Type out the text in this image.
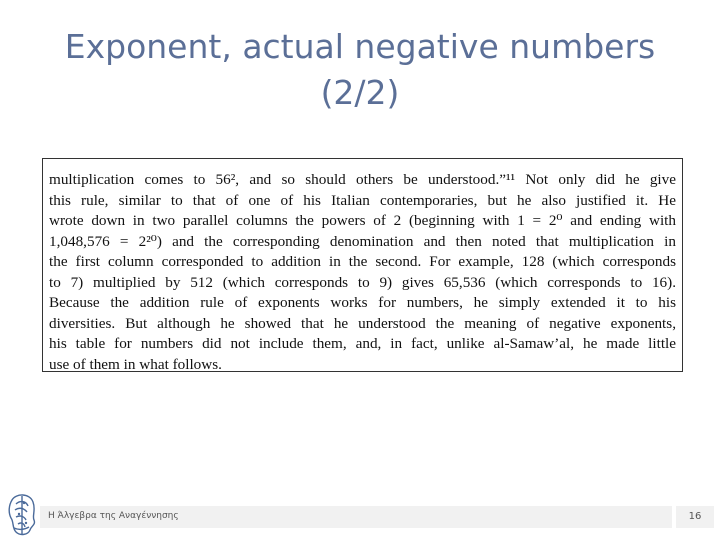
Exponent, actual negative numbers
(2/2)
multiplication comes to 56², and so should others be understood.”¹¹ Not only did he give
this rule, similar to that of one of his Italian contemporaries, but he also justified it. He
wrote down in two parallel columns the powers of 2 (beginning with 1 = 2⁰ and ending with
1,048,576 = 2²⁰) and the corresponding denomination and then noted that multiplication in
the first column corresponded to addition in the second. For example, 128 (which corresponds
to 7) multiplied by 512 (which corresponds to 9) gives 65,536 (which corresponds to 16).
Because the addition rule of exponents works for numbers, he simply extended it to his
diversities. But although he showed that he understood the meaning of negative exponents,
his table for numbers did not include them, and, in fact, unlike al-Samaw’al, he made little
use of them in what follows.
Η Άλγεβρα της Αναγέννησης	16
